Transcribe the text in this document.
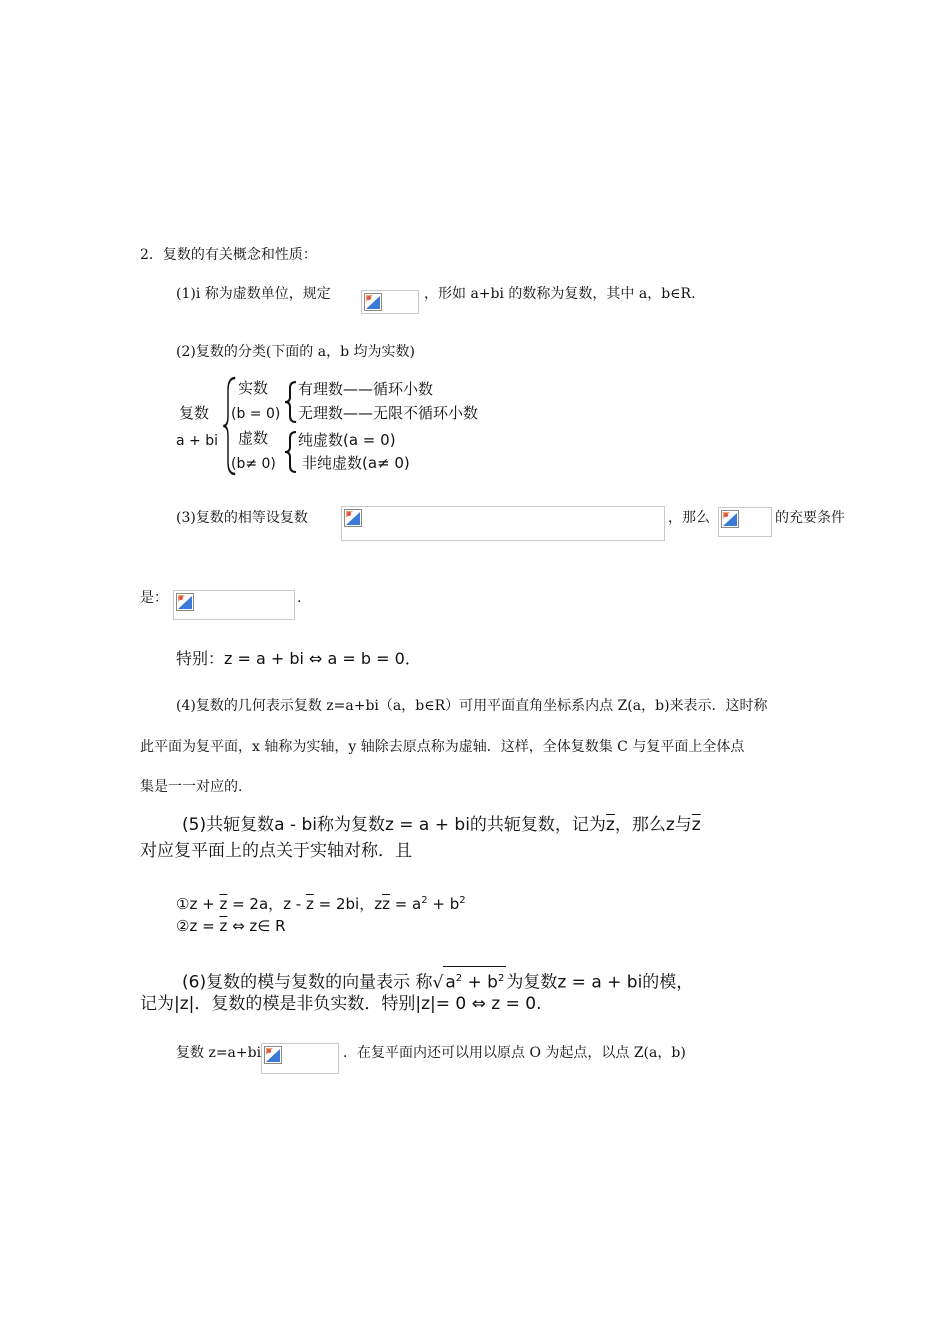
2．复数的有关概念和性质：
(1)i 称为虚数单位，规定	，形如 a+bi 的数称为复数，其中 a，b∈R.
(2)复数的分类(下面的 a，b 均为实数)
复数
a + bi
实数
(b = 0)
有理数——循环小数
无理数——无限不循环小数
虚数
(b≠ 0)
纯虚数(a = 0)
非纯虚数(a≠ 0)
(3)复数的相等设复数	，那么	的充要条件
是：	.
特别：z = a + bi ⇔ a = b = 0．
(4)复数的几何表示复数 z=a+bi（a，b∈R）可用平面直角坐标系内点 Z(a，b)来表示．这时称
此平面为复平面，x 轴称为实轴，y 轴除去原点称为虚轴．这样，全体复数集 C 与复平面上全体点
集是一一对应的.
(5)共轭复数a - bi称为复数z = a + bi的共轭复数，记为$\overline{z}$，那么z与$\overline{z}$
对应复平面上的点关于实轴对称．且
①z + $\overline{z} = 2a$，$z - \overline{z} = 2bi$，$z\overline{z} = a^2 + b^2$
②z = $\overline{z}$ ⇔ z∈ R
(6)复数的模与复数的向量表示 称√ $a^2 + b^2$ 为复数z = a + bi的模，
记为|z|．复数的模是非负实数．特别|z|= 0 ⇔ z = 0.
复数 z=a+bi	．在复平面内还可以用以原点 O 为起点，以点 Z(a，b)
